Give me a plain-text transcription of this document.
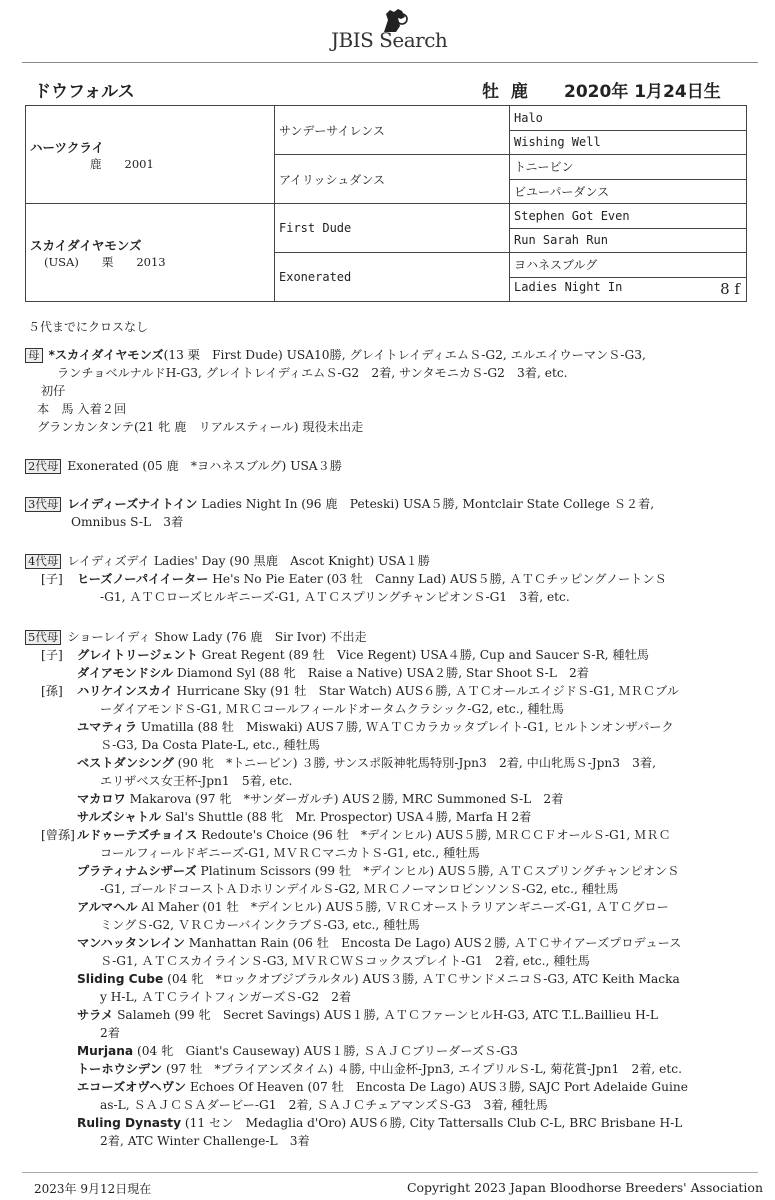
JBIS Search
ドウフォルス	牡 鹿 2020年 1月24日生
ハーツクライ
鹿　　2001	サンデーサイレンス	Halo
		Wishing Well
	アイリッシュダンス	トニービン
		ビユーパーダンス

スカイダイヤモンズ
(USA)　　栗　　2013	First Dude	Stephen Got Even
		Run Sarah Run
	Exonerated	ヨハネスブルグ
		Ladies Night In 8 f
５代までにクロスなし
母 *スカイダイヤモンズ(13 栗　First Dude) USA10勝, グレイトレイディエムＳ-G2, エルエイウーマンＳ-G3,
ランチョベルナルドH-G3, グレイトレイディエムＳ-G2　2着, サンタモニカＳ-G2　3着, etc.
初仔
本　馬 入着２回
グランカンタンテ(21 牝 鹿　リアルスティール) 現役未出走
2代母 Exonerated (05 鹿　*ヨハネスブルグ) USA３勝
3代母 レイディーズナイトイン Ladies Night In (96 鹿　Peteski) USA５勝, Montclair State College Ｓ２着,
Omnibus S-L　3着
4代母 レイディズデイ Ladies' Day (90 黒鹿　Ascot Knight) USA１勝
[子] ヒーズノーパイイーター He's No Pie Eater (03 牡　Canny Lad) AUS５勝, ＡＴＣチッピングノートンＳ
-G1, ＡＴＣローズヒルギニーズ-G1, ＡＴＣスプリングチャンピオンＳ-G1　3着, etc.
5代母 ショーレイディ Show Lady (76 鹿　Sir Ivor) 不出走
[子] グレイトリージェント Great Regent (89 牡　Vice Regent) USA４勝, Cup and Saucer S-R, 種牡馬
ダイアモンドシル Diamond Syl (88 牝　Raise a Native) USA２勝, Star Shoot S-L　2着
[孫] ハリケインスカイ Hurricane Sky (91 牡　Star Watch) AUS６勝, ＡＴＣオールエイジドＳ-G1, ＭＲＣブル
ーダイアモンドＳ-G1, ＭＲＣコールフィールドオータムクラシック-G2, etc., 種牡馬
ユマティラ Umatilla (88 牡　Miswaki) AUS７勝, ＷＡＴＣカラカッタプレイト-G1, ヒルトンオンザパーク
Ｓ-G3, Da Costa Plate-L, etc., 種牡馬
ベストダンシング (90 牝　*トニービン) ３勝, サンスポ阪神牝馬特別-Jpn3　2着, 中山牝馬Ｓ-Jpn3　3着,
エリザベス女王杯-Jpn1　5着, etc.
マカロワ Makarova (97 牝　*サンダーガルチ) AUS２勝, MRC Summoned S-L　2着
サルズシャトル Sal's Shuttle (88 牝　Mr. Prospector) USA４勝, Marfa H 2着
[曾孫] ルドゥーテズチョイス Redoute's Choice (96 牡　*デインヒル) AUS５勝, ＭＲＣＣＦオールＳ-G1, ＭＲＣ
コールフィールドギニーズ-G1, ＭＶＲＣマニカトＳ-G1, etc., 種牡馬
プラティナムシザーズ Platinum Scissors (99 牡　*デインヒル) AUS５勝, ＡＴＣスプリングチャンピオンＳ
-G1, ゴールドコーストＡＤホリンデイルＳ-G2, ＭＲＣノーマンロビンソンＳ-G2, etc., 種牡馬
アルマヘル Al Maher (01 牡　*デインヒル) AUS５勝, ＶＲＣオーストラリアンギニーズ-G1, ＡＴＣグロー
ミングＳ-G2, ＶＲＣカーバインクラブＳ-G3, etc., 種牡馬
マンハッタンレイン Manhattan Rain (06 牡　Encosta De Lago) AUS２勝, ＡＴＣサイアーズプロデュース
Ｓ-G1, ＡＴＣスカイラインＳ-G3, ＭＶＲＣＷＳコックスプレイト-G1　2着, etc., 種牡馬
Sliding Cube (04 牝　*ロックオブジブラルタル) AUS３勝, ＡＴＣサンドメニコＳ-G3, ATC Keith Macka
y H-L, ＡＴＣライトフィンガーズＳ-G2　2着
サラメ Salameh (99 牝　Secret Savings) AUS１勝, ＡＴＣファーンヒルH-G3, ATC T.L.Baillieu H-L
2着
Murjana (04 牝　Giant's Causeway) AUS１勝, ＳＡＪＣブリーダーズＳ-G3
トーホウシデン (97 牡　*ブライアンズタイム) ４勝, 中山金杯-Jpn3, エイプリルＳ-L, 菊花賞-Jpn1　2着, etc.
エコーズオヴヘヴン Echoes Of Heaven (07 牡　Encosta De Lago) AUS３勝, SAJC Port Adelaide Guine
as-L, ＳＡＪＣＳＡダービー-G1　2着, ＳＡＪＣチェアマンズＳ-G3　3着, 種牡馬
Ruling Dynasty (11 セン　Medaglia d'Oro) AUS６勝, City Tattersalls Club C-L, BRC Brisbane H-L
2着, ATC Winter Challenge-L　3着
2023年 9月12日現在	Copyright 2023 Japan Bloodhorse Breeders' Association
